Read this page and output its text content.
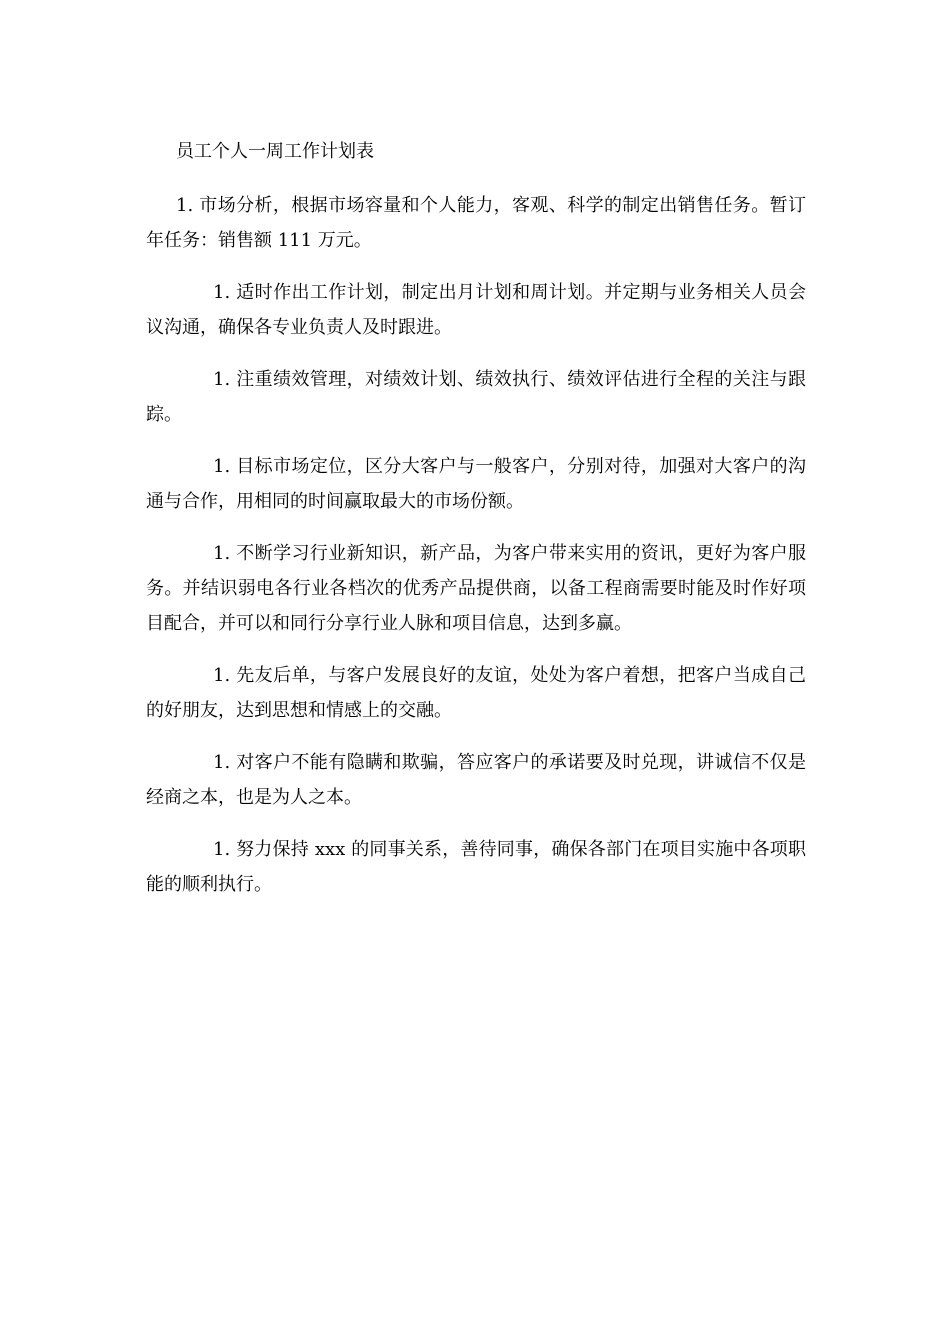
员工个人一周工作计划表

1. 市场分析，根据市场容量和个人能力，客观、科学的制定出销售任务。暂订年任务：销售额 111 万元。

1. 适时作出工作计划，制定出月计划和周计划。并定期与业务相关人员会议沟通，确保各专业负责人及时跟进。

1. 注重绩效管理，对绩效计划、绩效执行、绩效评估进行全程的关注与跟踪。

1. 目标市场定位，区分大客户与一般客户，分别对待，加强对大客户的沟通与合作，用相同的时间赢取最大的市场份额。

1. 不断学习行业新知识，新产品，为客户带来实用的资讯，更好为客户服务。并结识弱电各行业各档次的优秀产品提供商，以备工程商需要时能及时作好项目配合，并可以和同行分享行业人脉和项目信息，达到多赢。

1. 先友后单，与客户发展良好的友谊，处处为客户着想，把客户当成自己的好朋友，达到思想和情感上的交融。

1. 对客户不能有隐瞒和欺骗，答应客户的承诺要及时兑现，讲诚信不仅是经商之本，也是为人之本。

1. 努力保持 xxx 的同事关系，善待同事，确保各部门在项目实施中各项职能的顺利执行。
